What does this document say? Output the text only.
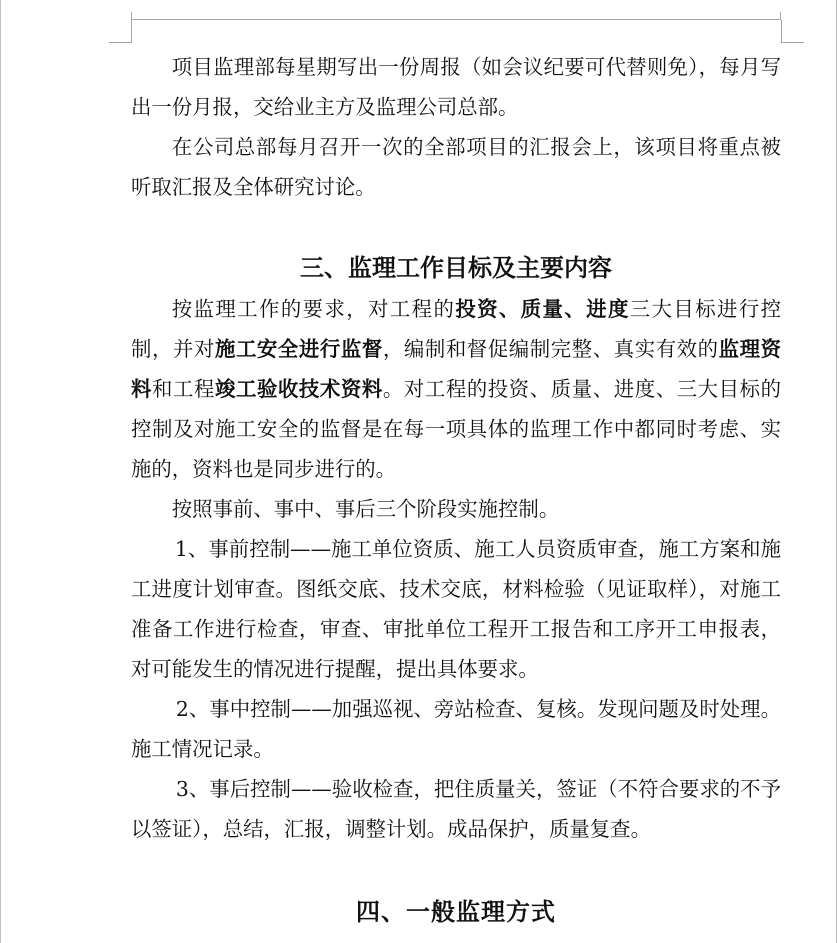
项目监理部每星期写出一份周报（如会议纪要可代替则免），每月写出一份月报，交给业主方及监理公司总部。

在公司总部每月召开一次的全部项目的汇报会上，该项目将重点被听取汇报及全体研究讨论。

三、监理工作目标及主要内容

按监理工作的要求，对工程的投资、质量、进度三大目标进行控制，并对施工安全进行监督，编制和督促编制完整、真实有效的监理资料和工程竣工验收技术资料。对工程的投资、质量、进度、三大目标的控制及对施工安全的监督是在每一项具体的监理工作中都同时考虑、实施的，资料也是同步进行的。

按照事前、事中、事后三个阶段实施控制。

1、事前控制——施工单位资质、施工人员资质审查，施工方案和施工进度计划审查。图纸交底、技术交底，材料检验（见证取样），对施工准备工作进行检查，审查、审批单位工程开工报告和工序开工申报表，对可能发生的情况进行提醒，提出具体要求。

2、事中控制——加强巡视、旁站检查、复核。发现问题及时处理。施工情况记录。

3、事后控制——验收检查，把住质量关，签证（不符合要求的不予以签证），总结，汇报，调整计划。成品保护，质量复查。

四、一般监理方式
